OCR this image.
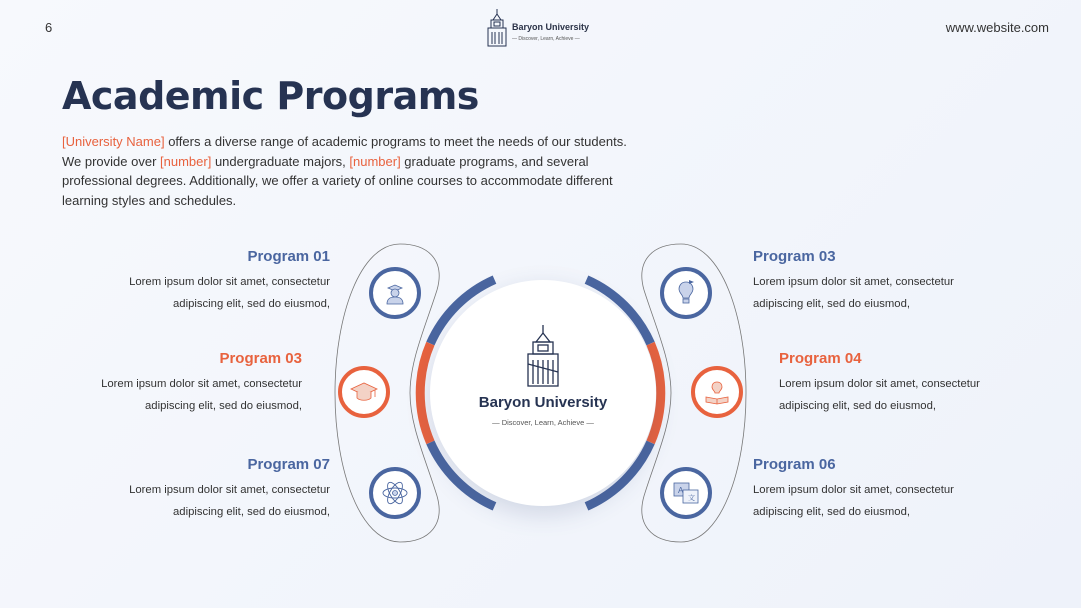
6	www.website.com
Baryon University
— Discover, Learn, Achieve —
Academic Programs

[University Name] offers a diverse range of academic programs to meet the needs of our students. We provide over [number] undergraduate majors, [number] graduate programs, and several professional degrees. Additionally, we offer a variety of online courses to accommodate different learning styles and schedules.

A
文
Baryon University
— Discover, Learn, Achieve —
Program 01
Lorem ipsum dolor sit amet, consectetur
adipiscing elit, sed do eiusmod,
Program 03
Lorem ipsum dolor sit amet, consectetur
adipiscing elit, sed do eiusmod,
Program 07
Lorem ipsum dolor sit amet, consectetur
adipiscing elit, sed do eiusmod,
Program 03
Lorem ipsum dolor sit amet, consectetur
adipiscing elit, sed do eiusmod,
Program 04
Lorem ipsum dolor sit amet, consectetur
adipiscing elit, sed do eiusmod,
Program 06
Lorem ipsum dolor sit amet, consectetur
adipiscing elit, sed do eiusmod,
